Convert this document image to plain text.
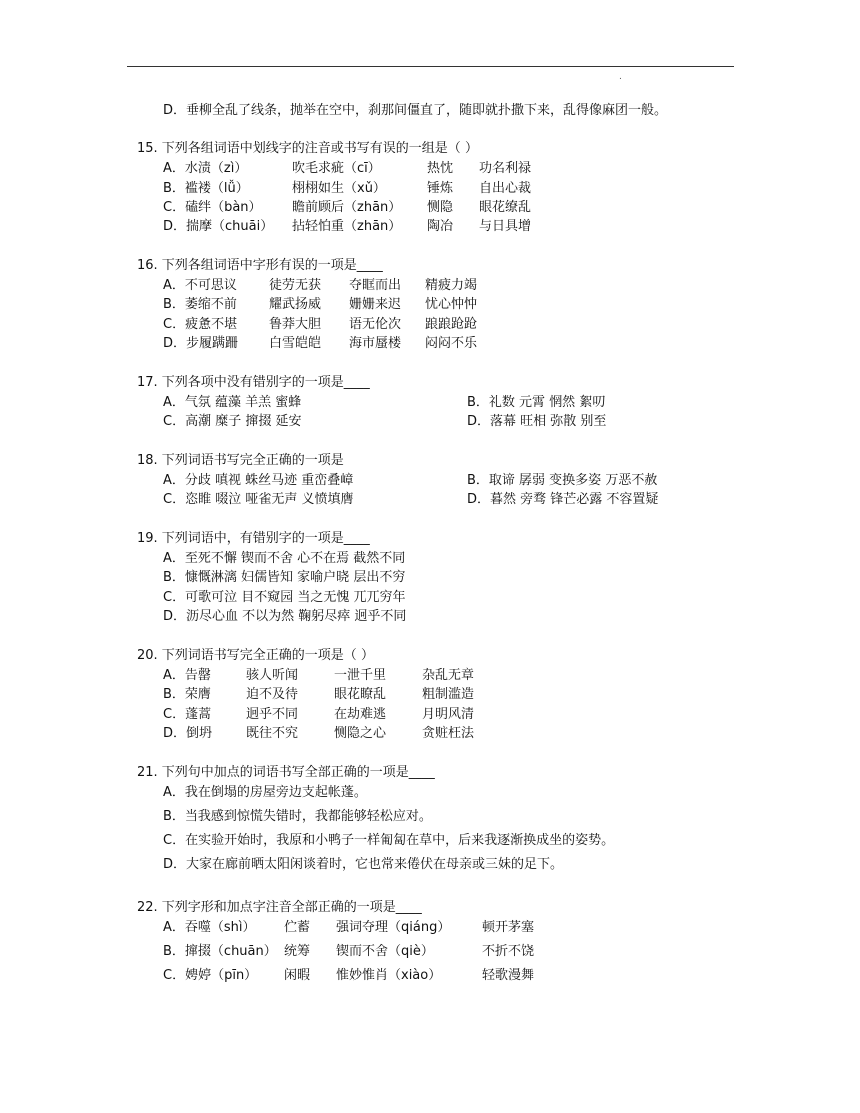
.
D．垂柳全乱了线条，抛举在空中，刹那间僵直了，随即就扑撒下来，乱得像麻团一般。
15. 下列各组词语中划线字的注音或书写有误的一组是（ ）
A．水渍（zì）	吹毛求疵（cī）	热忱 功名利禄
B．褴褛（lǚ）	栩栩如生（xǔ）	锤炼 自出心裁
C．磕绊（bàn） 瞻前顾后（zhān） 恻隐 眼花缭乱
D．揣摩（chuāi） 拈轻怕重（zhān） 陶冶 与日具增
16. 下列各组词语中字形有误的一项是____
A．不可思议 徒劳无获 夺眶而出 精疲力竭
B．萎缩不前 耀武扬威 姗姗来迟 忧心忡忡
C．疲惫不堪 鲁莽大胆 语无伦次 踉踉跄跄
D．步履蹒跚 白雪皑皑 海市蜃楼 闷闷不乐
17. 下列各项中没有错别字的一项是____
A．气氛 蕴藻 羊羔 蜜蜂	B．礼数 元霄 惘然 絮叨
C．高潮 糜子 撺掇 延安	D．落幕 旺相 弥散 别至
18. 下列词语书写完全正确的一项是
A．分歧 嗔视 蛛丝马迹 重峦叠嶂	B．取谛 孱弱 变换多姿 万恶不赦
C．恣睢 啜泣 哑雀无声 义愤填膺	D．暮然 旁骛 锋芒必露 不容置疑
19. 下列词语中，有错别字的一项是____
A．至死不懈 锲而不舍 心不在焉 截然不同
B．慷慨淋漓 妇儒皆知 家喻户晓 层出不穷
C．可歌可泣 目不窥园 当之无愧 兀兀穷年
D．沥尽心血 不以为然 鞠躬尽瘁 迥乎不同
20. 下列词语书写完全正确的一项是（ ）
A．告罄	骇人听闻	一泄千里	杂乱无章
B．荣膺	迫不及待	眼花瞭乱	粗制滥造
C．蓬蒿	迥乎不同	在劫难逃	月明风清
D．倒坍	既往不究	恻隐之心	贪赃枉法
21. 下列句中加点的词语书写全部正确的一项是____
A．我在倒塌的房屋旁边支起帐蓬。
B．当我感到惊慌失错时，我都能够轻松应对。
C．在实验开始时，我原和小鸭子一样匍匐在草中，后来我逐渐换成坐的姿势。
D．大家在廊前晒太阳闲谈着时，它也常来倦伏在母亲或三妹的足下。
22. 下列字形和加点字注音全部正确的一项是____
A．吞噬（shì） 伫蓄 强词夺理（qiáng） 顿开茅塞
B．撺掇（chuān） 统筹 锲而不舍（qiè）	不折不饶
C．娉婷（pīn） 闲暇 惟妙惟肖（xiào）	轻歌漫舞
